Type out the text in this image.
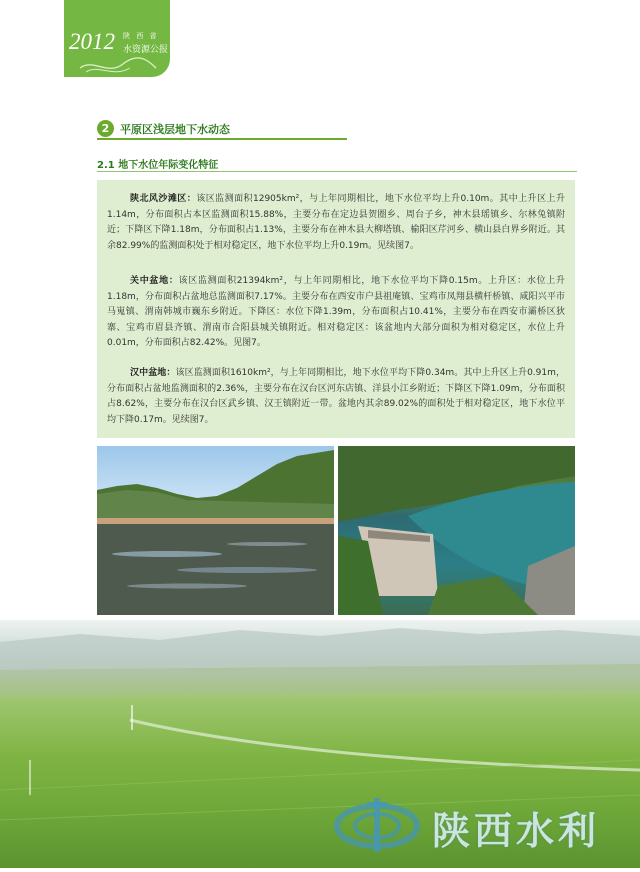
2012 陕 西 省
水资源公报
2 平原区浅层地下水动态
2.1 地下水位年际变化特征
陕北风沙滩区：该区监测面积12905km²，与上年同期相比，地下水位平均上升0.10m。其中上升区上升1.14m，分布面积占本区监测面积15.88%，主要分布在定边县贺圈乡、周台子乡，神木县瑶镇乡、尔林兔镇附近；下降区下降1.18m，分布面积占1.13%，主要分布在神木县大柳塔镇、榆阳区芹河乡、横山县白界乡附近。其余82.99%的监测面积处于相对稳定区，地下水位平均上升0.19m。见续图7。
关中盆地：该区监测面积21394km²，与上年同期相比，地下水位平均下降0.15m。上升区：水位上升1.18m，分布面积占盆地总监测面积7.17%。主要分布在西安市户县祖庵镇、宝鸡市凤翔县横杆桥镇、咸阳兴平市马嵬镇、渭南韩城市巍东乡附近。下降区：水位下降1.39m，分布面积占10.41%，主要分布在西安市灞桥区狄寨、宝鸡市眉县齐镇、渭南市合阳县城关镇附近。相对稳定区：该盆地内大部分面积为相对稳定区，水位上升0.01m，分布面积占82.42%。见图7。
汉中盆地：该区监测面积1610km²，与上年同期相比，地下水位平均下降0.34m。其中上升区上升0.91m，分布面积占盆地监测面积的2.36%，主要分布在汉台区河东店镇、洋县小江乡附近；下降区下降1.09m，分布面积占8.62%，主要分布在汉台区武乡镇、汉王镇附近一带。盆地内其余89.02%的面积处于相对稳定区，地下水位平均下降0.17m。见续图7。
陕西水利
